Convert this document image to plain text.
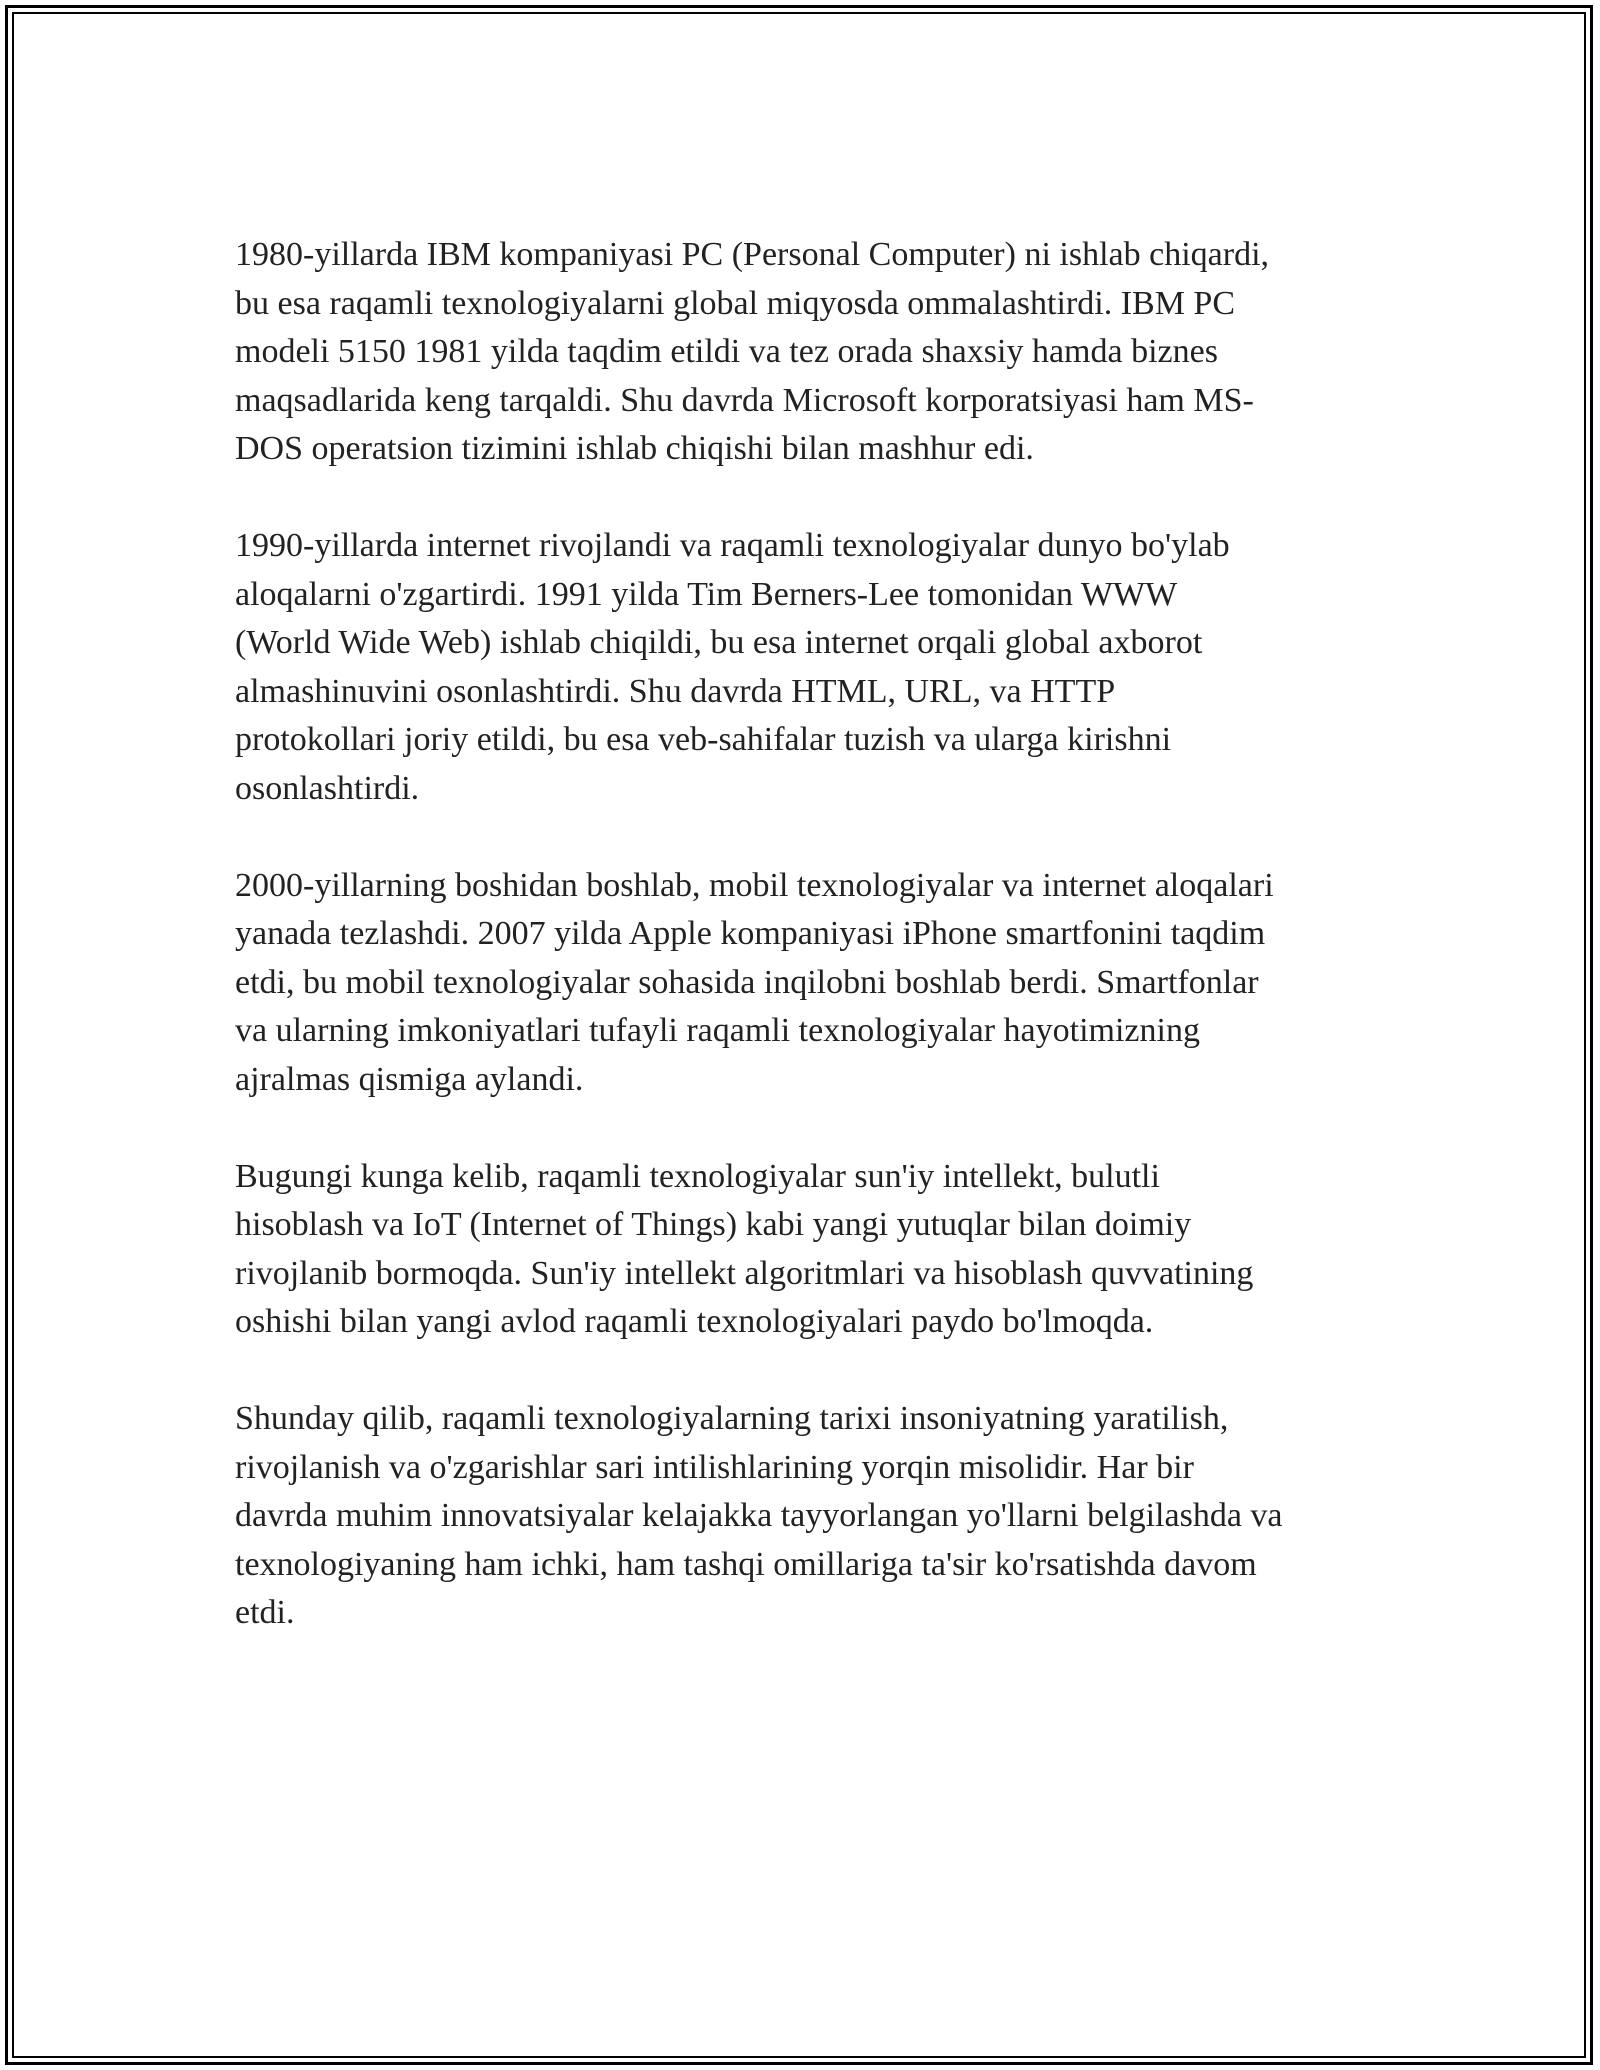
1980-yillarda IBM kompaniyasi PC (Personal Computer) ni ishlab chiqardi,
bu esa raqamli texnologiyalarni global miqyosda ommalashtirdi. IBM PC
modeli 5150 1981 yilda taqdim etildi va tez orada shaxsiy hamda biznes
maqsadlarida keng tarqaldi. Shu davrda Microsoft korporatsiyasi ham MS-
DOS operatsion tizimini ishlab chiqishi bilan mashhur edi.

1990-yillarda internet rivojlandi va raqamli texnologiyalar dunyo bo'ylab
aloqalarni o'zgartirdi. 1991 yilda Tim Berners-Lee tomonidan WWW
(World Wide Web) ishlab chiqildi, bu esa internet orqali global axborot
almashinuvini osonlashtirdi. Shu davrda HTML, URL, va HTTP
protokollari joriy etildi, bu esa veb-sahifalar tuzish va ularga kirishni
osonlashtirdi.

2000-yillarning boshidan boshlab, mobil texnologiyalar va internet aloqalari
yanada tezlashdi. 2007 yilda Apple kompaniyasi iPhone smartfonini taqdim
etdi, bu mobil texnologiyalar sohasida inqilobni boshlab berdi. Smartfonlar
va ularning imkoniyatlari tufayli raqamli texnologiyalar hayotimizning
ajralmas qismiga aylandi.

Bugungi kunga kelib, raqamli texnologiyalar sun'iy intellekt, bulutli
hisoblash va IoT (Internet of Things) kabi yangi yutuqlar bilan doimiy
rivojlanib bormoqda. Sun'iy intellekt algoritmlari va hisoblash quvvatining
oshishi bilan yangi avlod raqamli texnologiyalari paydo bo'lmoqda.

Shunday qilib, raqamli texnologiyalarning tarixi insoniyatning yaratilish,
rivojlanish va o'zgarishlar sari intilishlarining yorqin misolidir. Har bir
davrda muhim innovatsiyalar kelajakka tayyorlangan yo'llarni belgilashda va
texnologiyaning ham ichki, ham tashqi omillariga ta'sir ko'rsatishda davom
etdi.
